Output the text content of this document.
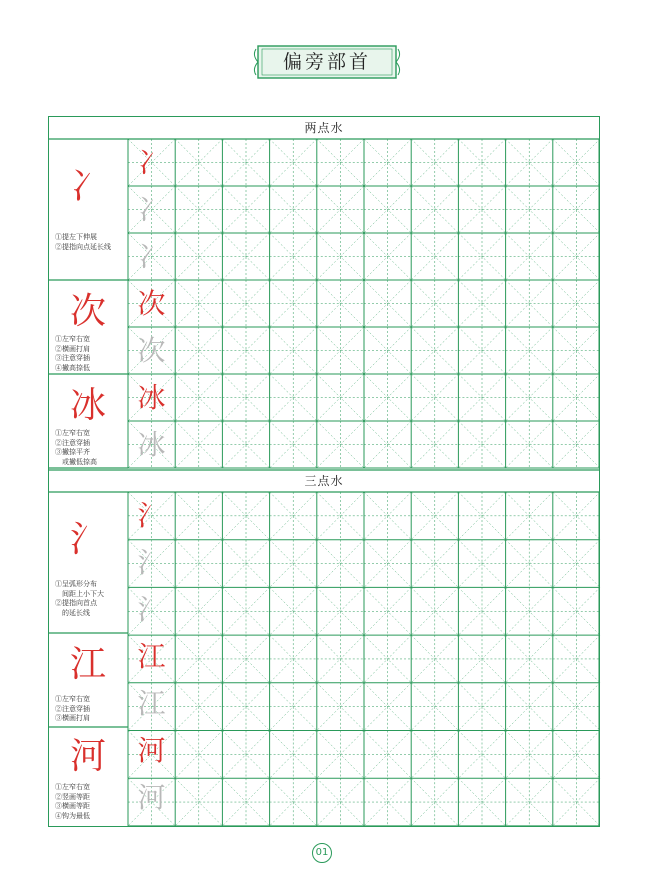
偏旁部首
两点水
冫
①提左下伸展
②提指向点延长线
次
①左窄右宽
②横画打肩
③注意穿插
④撇高捺低
冰
①左窄右宽
②注意穿插
③撇捺平齐
　或撇低捺高
三点水
氵
①呈弧形分布
　间距上小下大
②提指向首点
　的延长线
江
①左窄右宽
②注意穿插
③横画打肩
河
①左窄右宽
②竖画等距
③横画等距
④钩为最低
冫
冫
冫
次
次
冰
冰
氵
氵
氵
江
江
河
河
01
